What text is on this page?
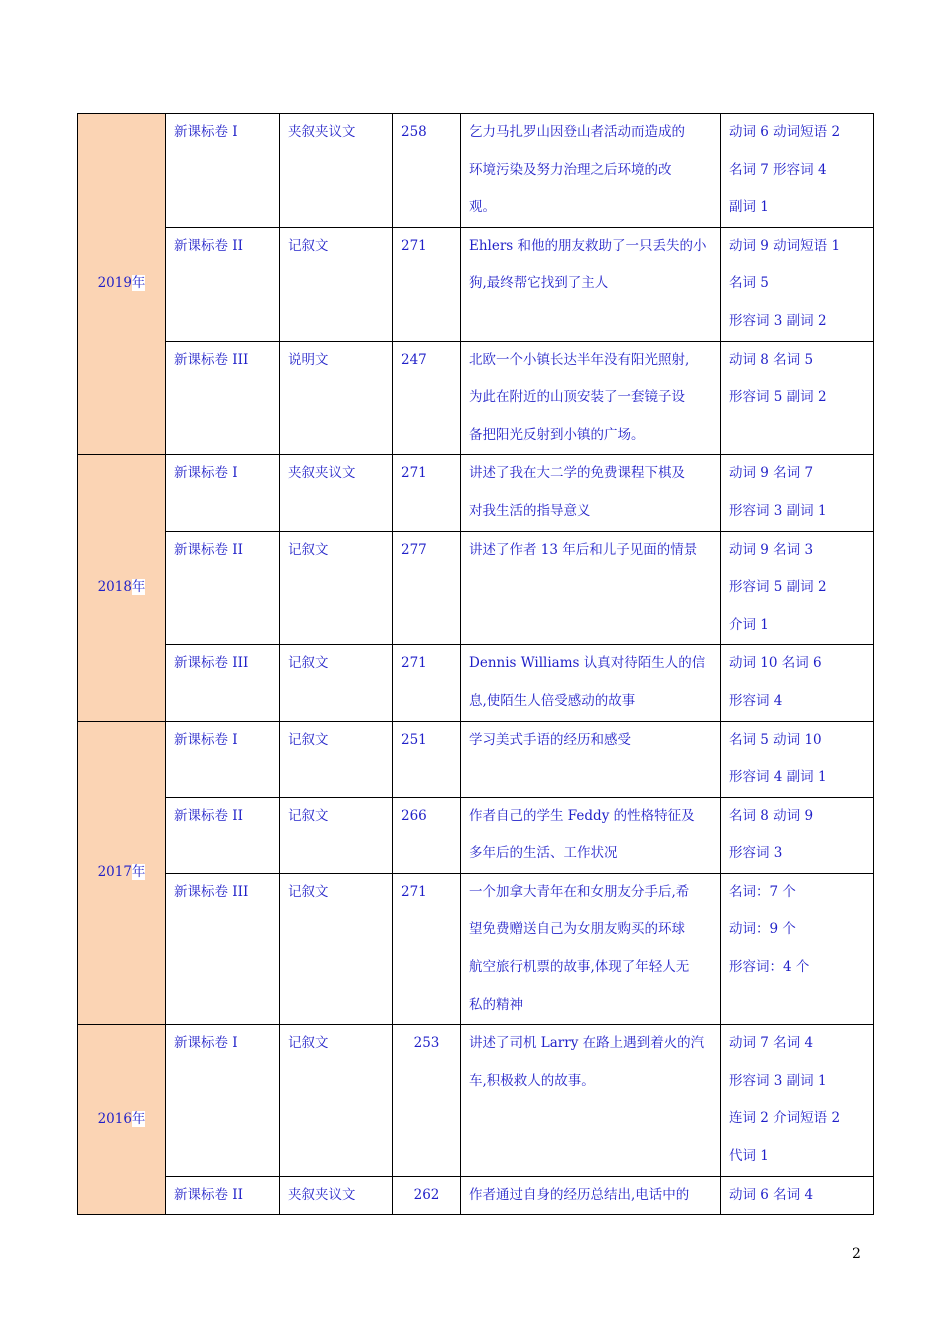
2019年	新课标卷 I	夹叙夹议文	258	乞力马扎罗山因登山者活动而造成的
环境污染及努力治理之后环境的改
观。	动词 6 动词短语 2
名词 7 形容词 4
副词 1

	新课标卷 II	记叙文	271	Ehlers 和他的朋友救助了一只丢失的小
狗,最终帮它找到了主人	动词 9 动词短语 1
名词 5
形容词 3 副词 2

	新课标卷 III	说明文	247	北欧一个小镇长达半年没有阳光照射,
为此在附近的山顶安装了一套镜子设
备把阳光反射到小镇的广场。	动词 8 名词 5
形容词 5 副词 2

2018年	新课标卷 I	夹叙夹议文	271	讲述了我在大二学的免费课程下棋及
对我生活的指导意义	动词 9 名词 7
形容词 3 副词 1

	新课标卷 II	记叙文	277	讲述了作者 13 年后和儿子见面的情景	动词 9 名词 3
形容词 5 副词 2
介词 1

	新课标卷 III	记叙文	271	Dennis Williams 认真对待陌生人的信
息,使陌生人倍受感动的故事	动词 10 名词 6
形容词 4

2017年	新课标卷 I	记叙文	251	学习美式手语的经历和感受	名词 5 动词 10
形容词 4 副词 1

	新课标卷 II	记叙文	266	作者自己的学生 Feddy 的性格特征及
多年后的生活、工作状况	名词 8 动词 9
形容词 3

	新课标卷 III	记叙文	271	一个加拿大青年在和女朋友分手后,希
望免费赠送自己为女朋友购买的环球
航空旅行机票的故事,体现了年轻人无
私的精神	名词：7 个
动词：9 个
形容词：4 个

2016年	新课标卷 I	记叙文	253	讲述了司机 Larry 在路上遇到着火的汽
车,积极救人的故事。	动词 7 名词 4
形容词 3 副词 1
连词 2 介词短语 2
代词 1

	新课标卷 II	夹叙夹议文	262	作者通过自身的经历总结出,电话中的	动词 6 名词 4
2
